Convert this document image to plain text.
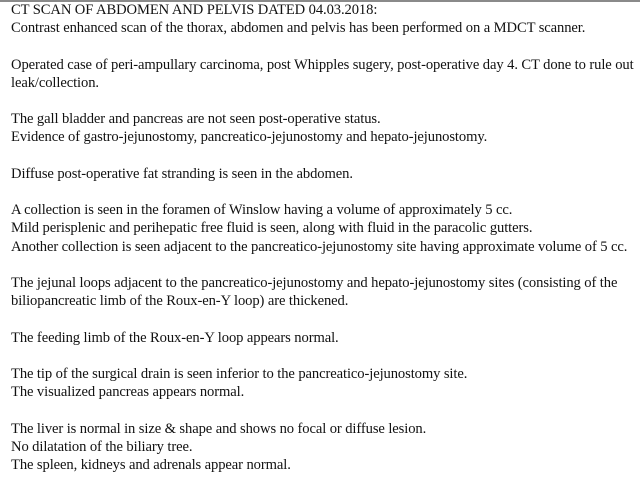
CT SCAN OF ABDOMEN AND PELVIS DATED 04.03.2018:
Contrast enhanced scan of the thorax, abdomen and pelvis has been performed on a MDCT scanner.
Operated case of peri-ampullary carcinoma, post Whipples sugery, post-operative day 4. CT done to rule out
leak/collection.
The gall bladder and pancreas are not seen post-operative status.
Evidence of gastro-jejunostomy, pancreatico-jejunostomy and hepato-jejunostomy.
Diffuse post-operative fat stranding is seen in the abdomen.
A collection is seen in the foramen of Winslow having a volume of approximately 5 cc.
Mild perisplenic and perihepatic free fluid is seen, along with fluid in the paracolic gutters.
Another collection is seen adjacent to the pancreatico-jejunostomy site having approximate volume of 5 cc.
The jejunal loops adjacent to the pancreatico-jejunostomy and hepato-jejunostomy sites (consisting of the
biliopancreatic limb of the Roux-en-Y loop) are thickened.
The feeding limb of the Roux-en-Y loop appears normal.
The tip of the surgical drain is seen inferior to the pancreatico-jejunostomy site.
The visualized pancreas appears normal.
The liver is normal in size & shape and shows no focal or diffuse lesion.
No dilatation of the biliary tree.
The spleen, kidneys and adrenals appear normal.
